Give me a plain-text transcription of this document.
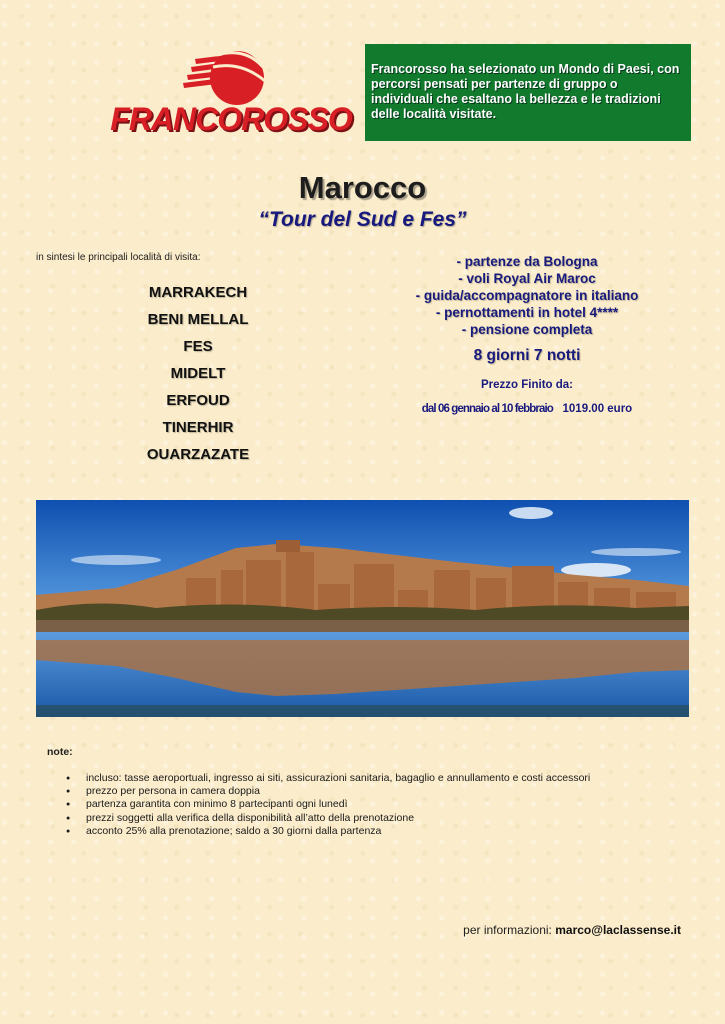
FRANCOROSSO
Francorosso ha selezionato un Mondo di Paesi, con percorsi pensati per partenze di gruppo o individuali che esaltano la bellezza e le tradizioni delle località visitate.
Marocco
“Tour del Sud e Fes”
in sintesi le principali località di visita:
MARRAKECH
BENI MELLAL
FES
MIDELT
ERFOUD
TINERHIR
OUARZAZATE
- partenze da Bologna
- voli Royal Air Maroc
- guida/accompagnatore in italiano
- pernottamenti in hotel 4****
- pensione completa
8 giorni 7 notti
Prezzo Finito da:
dal 06 gennaio al 10 febbraio 1019.00 euro
note:
● incluso: tasse aeroportuali, ingresso ai siti, assicurazioni sanitaria, bagaglio e annullamento e costi accessori
● prezzo per persona in camera doppia
● partenza garantita con minimo 8 partecipanti ogni lunedì
● prezzi soggetti alla verifica della disponibilità all’atto della prenotazione
● acconto 25% alla prenotazione; saldo a 30 giorni dalla partenza
per informazioni: marco@laclassense.it
